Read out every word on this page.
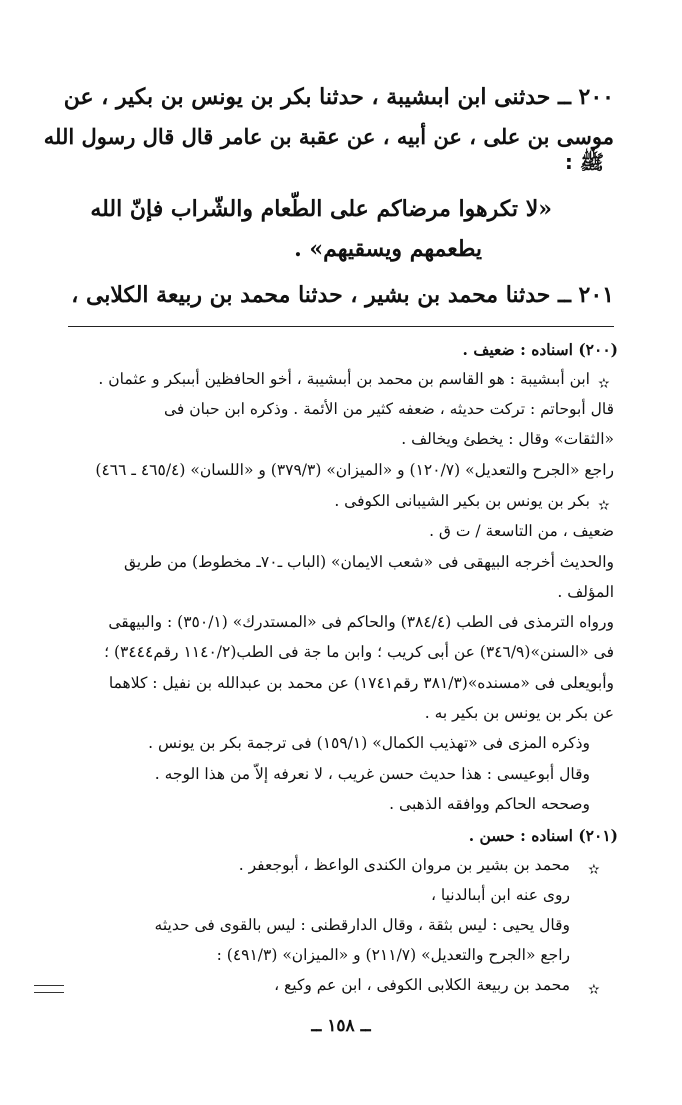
٢٠٠ ــ حدثنى ابن ابىشيبة ، حدثنا بكر بن يونس بن بكير ، عن
موسى بن على ، عن أبيه ، عن عقبة بن عامر قال قال رسول الله
ﷺ :
«لا تكرهوا مرضاكم على الطّعام والشّراب فإنّ الله
يطعمهم ويسقيهم» .
٢٠١ ــ حدثنا محمد بن بشير ، حدثنا محمد بن ربيعة الكلابى ،
(٢٠٠) اسناده : ضعيف .
✫
ابن أبىشيبة : هو القاسم بن محمد بن أبىشيبة ، أخو الحافظين أبىبكر و عثمان .
قال أبوحاتم : تركت حديثه ، ضعفه كثير من الأئمة . وذكره ابن حبان فى
«الثقات» وقال : يخطئ ويخالف .
راجع «الجرح والتعديل» (١٢٠/٧) و «الميزان» (٣٧٩/٣) و «اللسان» (٤٦٥/٤ ـ ٤٦٦)
✫
بكر بن يونس بن بكير الشيبانى الكوفى .
ضعيف ، من التاسعة / ت ق .
والحديث أخرجه البيهقى فى «شعب الايمان» (الباب ـ٧٠ـ مخطوط) من طريق
المؤلف .
ورواه الترمذى فى الطب (٣٨٤/٤) والحاكم فى «المستدرك» (٣٥٠/١) : والبيهقى
فى «السنن»(٣٤٦/٩) عن أبى كريب ؛ وابن ما جة فى الطب(١١٤٠/٢ رقم٣٤٤٤) ؛
وأبويعلى فى «مسنده»(٣٨١/٣ رقم١٧٤١) عن محمد بن عبدالله بن نفيل : كلاهما
عن بكر بن يونس بن بكير به .
وذكره المزى فى «تهذيب الكمال» (١٥٩/١) فى ترجمة بكر بن يونس .
وقال أبوعيسى : هذا حديث حسن غريب ، لا نعرفه إلاّ من هذا الوجه .
وصححه الحاكم ووافقه الذهبى .
(٢٠١) اسناده : حسن .
✫
محمد بن بشير بن مروان الكندى الواعظ ، أبوجعفر .
روى عنه ابن أبىالدنيا ،
وقال يحيى : ليس بثقة ، وقال الدارقطنى : ليس بالقوى فى حديثه
راجع «الجرح والتعديل» (٢١١/٧) و «الميزان» (٤٩١/٣) :
✫
محمد بن ربيعة الكلابى الكوفى ، ابن عم وكيع ،
ــ ١٥٨ ــ
